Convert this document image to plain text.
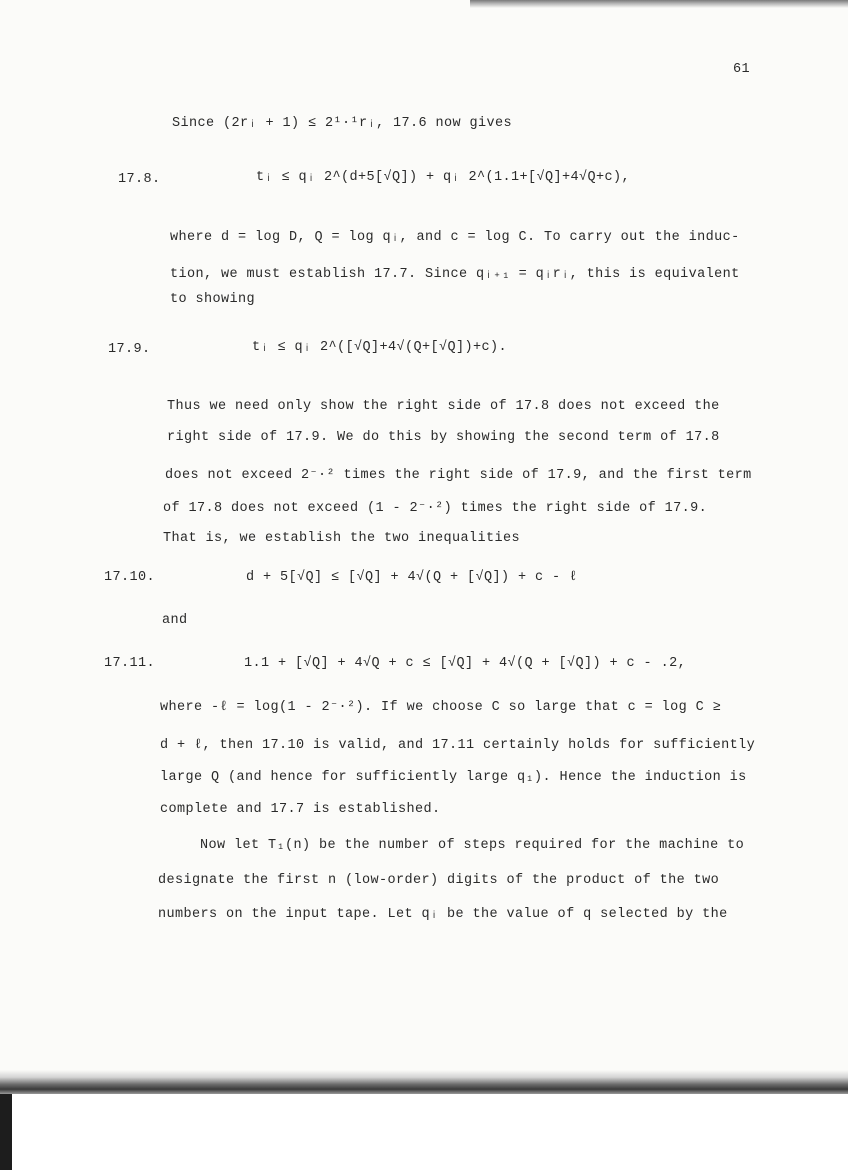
61
Since (2rᵢ + 1) ≤ 2¹·¹rᵢ, 17.6 now gives
17.8.	tᵢ ≤ qᵢ 2^(d+5[√Q]) + qᵢ 2^(1.1+[√Q]+4√Q+c),
where d = log D, Q = log qᵢ, and c = log C. To carry out the induc-
tion, we must establish 17.7. Since qᵢ₊₁ = qᵢrᵢ, this is equivalent
to showing
17.9.	tᵢ ≤ qᵢ 2^([√Q]+4√(Q+[√Q])+c).
Thus we need only show the right side of 17.8 does not exceed the
right side of 17.9. We do this by showing the second term of 17.8
does not exceed 2⁻·² times the right side of 17.9, and the first term
of 17.8 does not exceed (1 - 2⁻·²) times the right side of 17.9.
That is, we establish the two inequalities
17.10.	d + 5[√Q] ≤ [√Q] + 4√(Q + [√Q]) + c - ℓ
and
17.11.	1.1 + [√Q] + 4√Q + c ≤ [√Q] + 4√(Q + [√Q]) + c - .2,
where -ℓ = log(1 - 2⁻·²). If we choose C so large that c = log C ≥
d + ℓ, then 17.10 is valid, and 17.11 certainly holds for sufficiently
large Q (and hence for sufficiently large q₁). Hence the induction is
complete and 17.7 is established.
Now let T₁(n) be the number of steps required for the machine to
designate the first n (low-order) digits of the product of the two
numbers on the input tape. Let qᵢ be the value of q selected by the
